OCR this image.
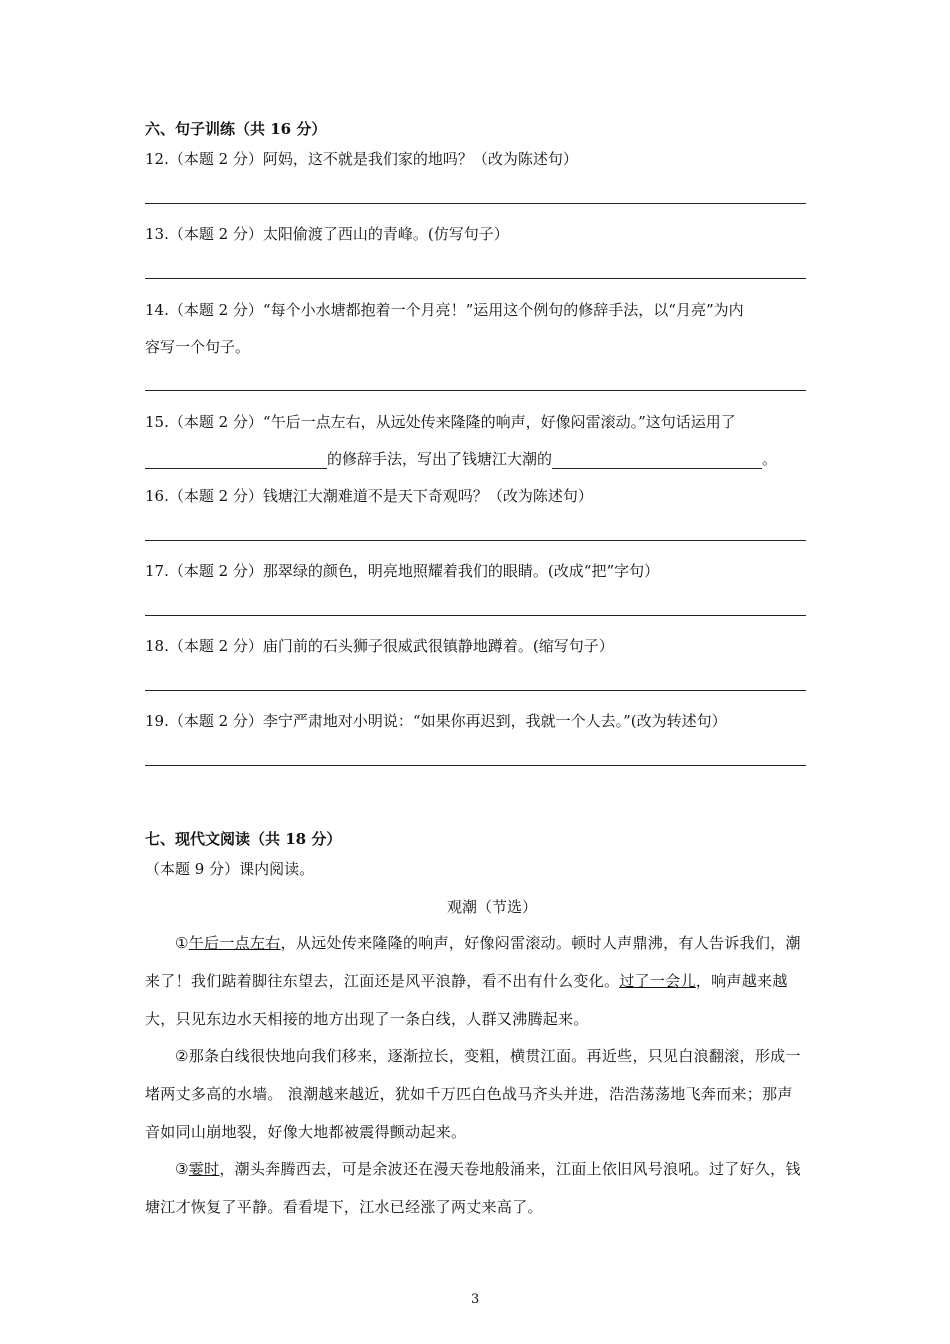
六、句子训练（共 16 分）
12.（本题 2 分）阿妈，这不就是我们家的地吗？（改为陈述句）
13.（本题 2 分）太阳偷渡了西山的青峰。(仿写句子）
14.（本题 2 分）“每个小水塘都抱着一个月亮！”运用这个例句的修辞手法，以“月亮”为内
容写一个句子。
15.（本题 2 分）“午后一点左右，从远处传来隆隆的响声，好像闷雷滚动。”这句话运用了
的修辞手法，写出了钱塘江大潮的	。
16.（本题 2 分）钱塘江大潮难道不是天下奇观吗？（改为陈述句）
17.（本题 2 分）那翠绿的颜色，明亮地照耀着我们的眼睛。(改成“把”字句）
18.（本题 2 分）庙门前的石头狮子很威武很镇静地蹲着。(缩写句子）
19.（本题 2 分）李宁严肃地对小明说：“如果你再迟到，我就一个人去。”(改为转述句）
七、现代文阅读（共 18 分）
（本题 9 分）课内阅读。
观潮（节选）
①午后一点左右，从远处传来隆隆的响声，好像闷雷滚动。顿时人声鼎沸，有人告诉我们，潮来了！我们踮着脚往东望去，江面还是风平浪静，看不出有什么变化。过了一会儿，响声越来越大，只见东边水天相接的地方出现了一条白线，人群又沸腾起来。
②那条白线很快地向我们移来，逐渐拉长，变粗，横贯江面。再近些，只见白浪翻滚，形成一堵两丈多高的水墙。 浪潮越来越近，犹如千万匹白色战马齐头并进，浩浩荡荡地飞奔而来；那声音如同山崩地裂，好像大地都被震得颤动起来。
③霎时，潮头奔腾西去，可是余波还在漫天卷地般涌来，江面上依旧风号浪吼。过了好久，钱塘江才恢复了平静。看看堤下，江水已经涨了两丈来高了。
3
